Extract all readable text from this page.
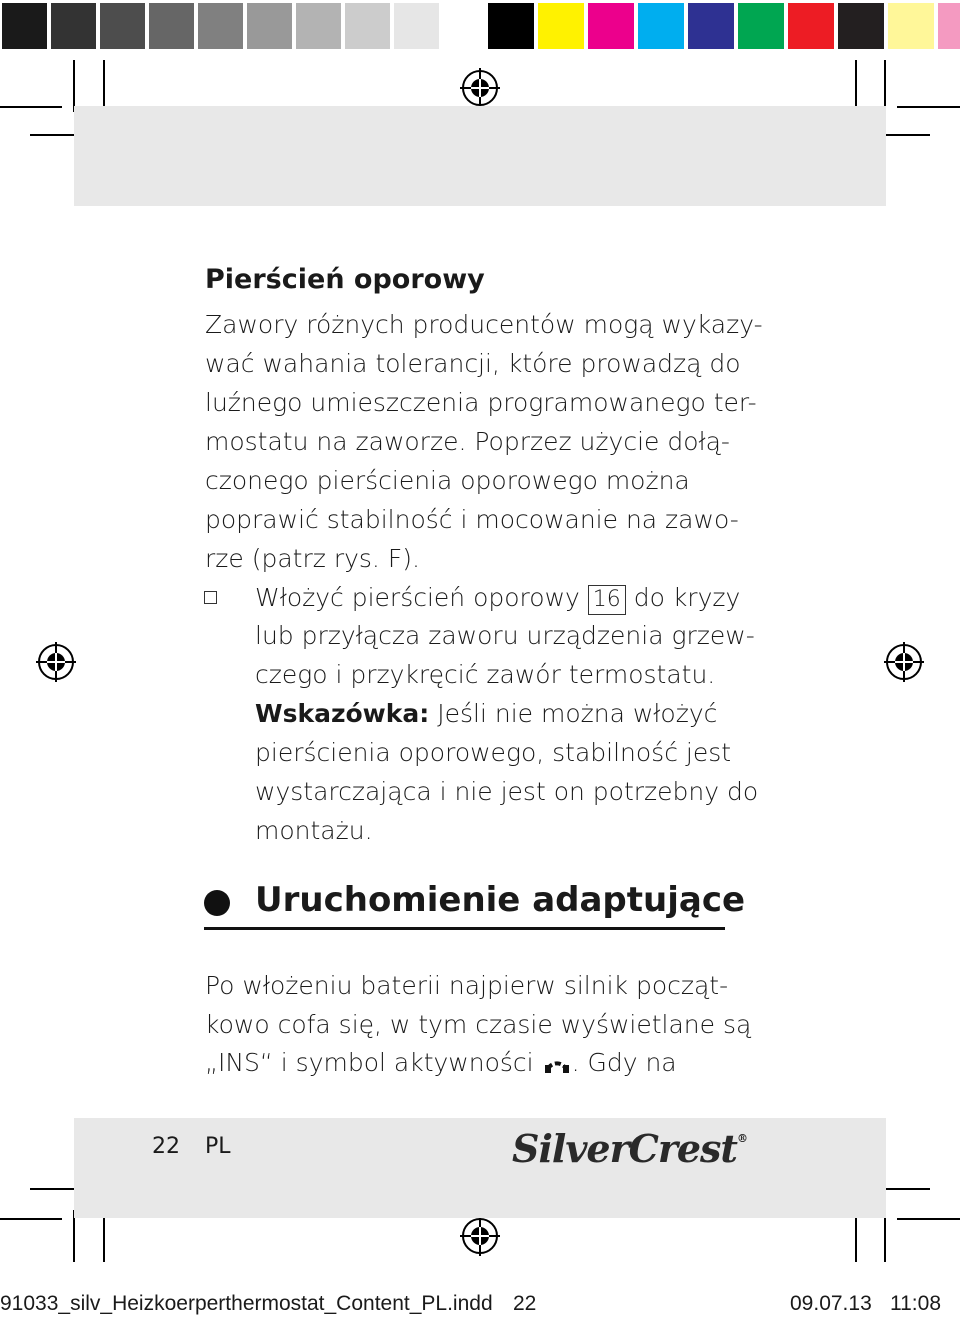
Pierścień oporowy

Zawory różnych producentów mogą wykazy-

wać wahania tolerancji, które prowadzą do

luźnego umieszczenia programowanego ter-

mostatu na zaworze. Poprzez użycie dołą-

czonego pierścienia oporowego można

poprawić stabilność i mocowanie na zawo-

rze (patrz rys. F).

Włożyć pierścień oporowy 16 do kryzy

lub przyłącza zaworu urządzenia grzew-

czego i przykręcić zawór termostatu.

Wskazówka: Jeśli nie można włożyć

pierścienia oporowego, stabilność jest

wystarczająca i nie jest on potrzebny do

montażu.

Uruchomienie adaptujące

Po włożeniu baterii najpierw silnik począt-

kowo cofa się, w tym czasie wyświetlane są

„INS“ i symbol aktywności . Gdy na

22 PL	SilverCrest®
91033_silv_Heizkoerperthermostat_Content_PL.indd 22	09.07.13 11:08
